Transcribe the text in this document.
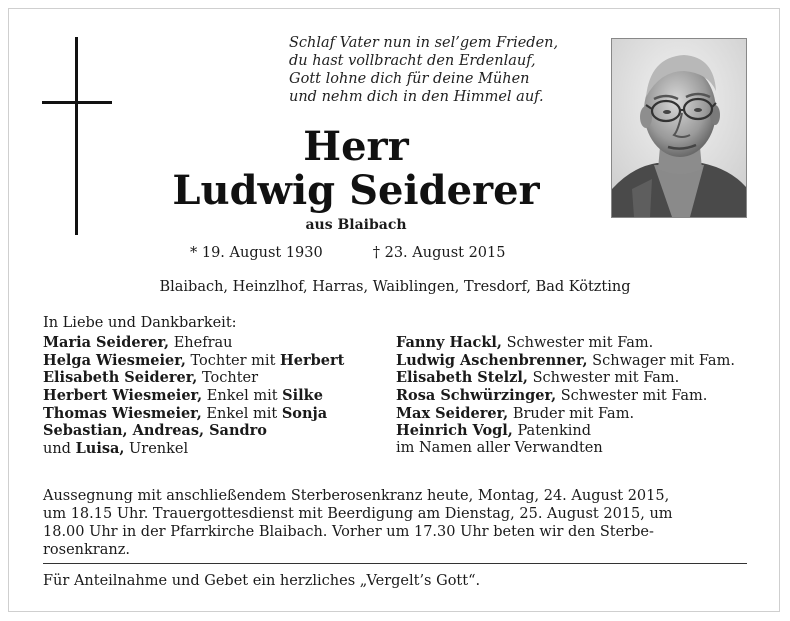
Schlaf Vater nun in sel’gem Frieden,
du hast vollbracht den Erdenlauf,
Gott lohne dich für deine Mühen
und nehm dich in den Himmel auf.
Herr
Ludwig Seiderer
aus Blaibach
* 19. August 1930	† 23. August 2015
Blaibach, Heinzlhof, Harras, Waiblingen, Tresdorf, Bad Kötzting
In Liebe und Dankbarkeit:
Maria Seiderer, Ehefrau
Helga Wiesmeier, Tochter mit Herbert
Elisabeth Seiderer, Tochter
Herbert Wiesmeier, Enkel mit Silke
Thomas Wiesmeier, Enkel mit Sonja
Sebastian, Andreas, Sandro
und Luisa, Urenkel
Fanny Hackl, Schwester mit Fam.
Ludwig Aschenbrenner, Schwager mit Fam.
Elisabeth Stelzl, Schwester mit Fam.
Rosa Schwürzinger, Schwester mit Fam.
Max Seiderer, Bruder mit Fam.
Heinrich Vogl, Patenkind
im Namen aller Verwandten
Aussegnung mit anschließendem Sterberosenkranz heute, Montag, 24. August 2015,
um 18.15 Uhr. Trauergottesdienst mit Beerdigung am Dienstag, 25. August 2015, um
18.00 Uhr in der Pfarrkirche Blaibach. Vorher um 17.30 Uhr beten wir den Sterbe-
rosenkranz.
Für Anteilnahme und Gebet ein herzliches „Vergelt’s Gott“.
